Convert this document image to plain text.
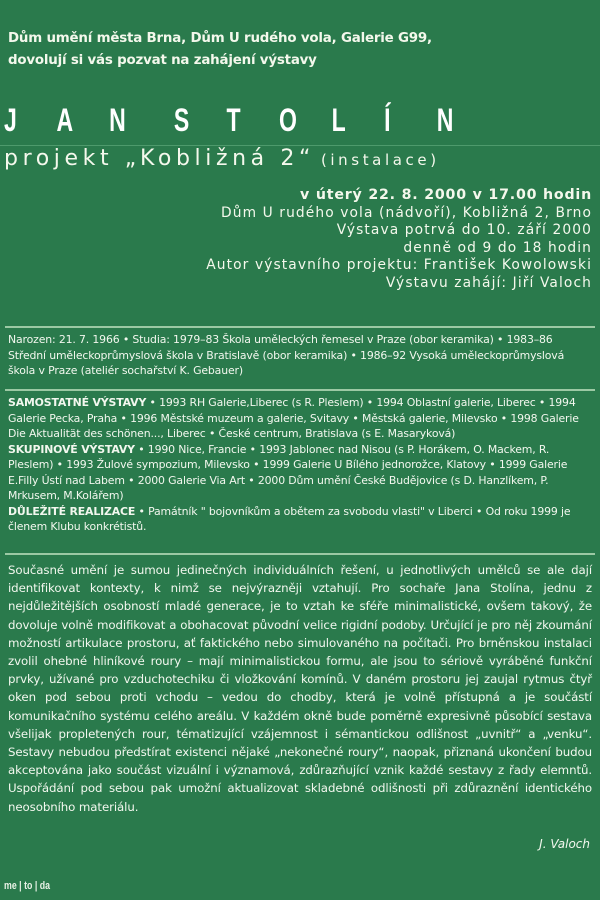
Dům umění města Brna, Dům U rudého vola, Galerie G99,
dovolují si vás pozvat na zahájení výstavy
J A N S T O L Í N
projekt „Kobližná 2“ (instalace)
v úterý 22. 8. 2000 v 17.00 hodin
Dům U rudého vola (nádvoří), Kobližná 2, Brno
Výstava potrvá do 10. září 2000
denně od 9 do 18 hodin
Autor výstavního projektu: František Kowolowski
Výstavu zahájí: Jiří Valoch
Narozen: 21. 7. 1966 • Studia: 1979–83 Škola uměleckých řemesel v Praze (obor keramika) • 1983–86 Střední uměleckoprůmyslová škola v Bratislavě (obor keramika) • 1986–92 Vysoká uměleckoprůmyslová škola v Praze (ateliér sochařství K. Gebauer)
SAMOSTATNÉ VÝSTAVY • 1993 RH Galerie,Liberec (s R. Pleslem) • 1994 Oblastní galerie, Liberec • 1994 Galerie Pecka, Praha • 1996 Městské muzeum a galerie, Svitavy • Městská galerie, Milevsko • 1998 Galerie Die Aktualität des schönen..., Liberec • České centrum, Bratislava (s E. Masaryková)
SKUPINOVÉ VÝSTAVY • 1990 Nice, Francie • 1993 Jablonec nad Nisou (s P. Horákem, O. Mackem, R. Pleslem) • 1993 Žulové sympozium, Milevsko • 1999 Galerie U Bílého jednorožce, Klatovy • 1999 Galerie E.Filly Ústí nad Labem • 2000 Galerie Via Art • 2000 Dům umění České Budějovice (s D. Hanzlíkem, P. Mrkusem, M.Kolářem)
DŮLEŽITÉ REALIZACE • Památník " bojovníkům a obětem za svobodu vlasti" v Liberci • Od roku 1999 je členem Klubu konkrétistů.
Současné umění je sumou jedinečných individuálních řešení, u jednotlivých umělců se ale dají identifikovat kontexty, k nimž se nejvýrazněji vztahují. Pro sochaře Jana Stolína, jednu z nejdůležitějších osobností mladé generace, je to vztah ke sféře minimalistické, ovšem takový, že dovoluje volně modifikovat a obohacovat původní velice rigidní podoby. Určující je pro něj zkoumání možností artikulace prostoru, ať faktického nebo simulovaného na počítači. Pro brněnskou instalaci zvolil ohebné hliníkové roury – mají minimalistickou formu, ale jsou to sériově vyráběné funkční prvky, užívané pro vzduchotechiku či vložkování komínů. V daném prostoru jej zaujal rytmus čtyř oken pod sebou proti vchodu – vedou do chodby, která je volně přístupná a je součástí komunikačního systému celého areálu. V každém okně bude poměrně expresivně působící sestava všelijak propletených rour, tématizující vzájemnost i sémantickou odlišnost „uvnitř“ a „venku“. Sestavy nebudou předstírat existenci nějaké „nekonečné roury“, naopak, přiznaná ukončení budou akceptována jako součást vizuální i významová, zdůrazňující vznik každé sestavy z řady elemntů. Uspořádání pod sebou pak umožní aktualizovat skladebné odlišnosti při zdůraznění identického neosobního materiálu.
J. Valoch
me | to | da
